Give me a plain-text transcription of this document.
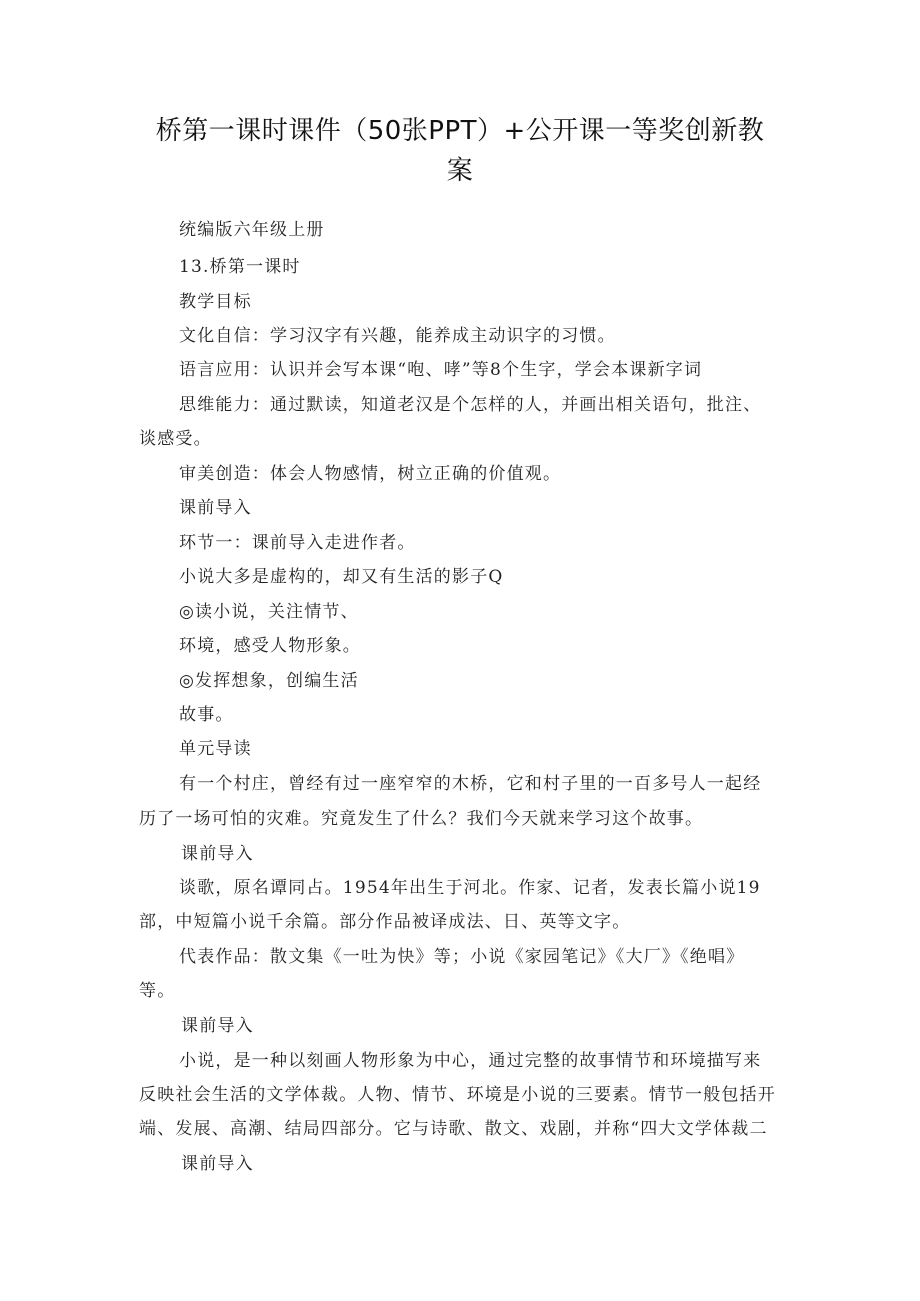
桥第一课时课件（50张PPT）+公开课一等奖创新教
案
统编版六年级上册
13.桥第一课时
教学目标
文化自信：学习汉字有兴趣，能养成主动识字的习惯。
语言应用：认识并会写本课“咆、哮”等8个生字，学会本课新字词
思维能力：通过默读，知道老汉是个怎样的人，并画出相关语句，批注、
谈感受。
审美创造：体会人物感情，树立正确的价值观。
课前导入
环节一：课前导入走进作者。
小说大多是虚构的，却又有生活的影子Q
◎读小说，关注情节、
环境，感受人物形象。
◎发挥想象，创编生活
故事。
单元导读
有一个村庄，曾经有过一座窄窄的木桥，它和村子里的一百多号人一起经
历了一场可怕的灾难。究竟发生了什么？我们今天就来学习这个故事。
课前导入
谈歌，原名谭同占。1954年出生于河北。作家、记者，发表长篇小说19
部，中短篇小说千余篇。部分作品被译成法、日、英等文字。
代表作品：散文集《一吐为快》等；小说《家园笔记》《大厂》《绝唱》
等。
课前导入
小说，是一种以刻画人物形象为中心，通过完整的故事情节和环境描写来
反映社会生活的文学体裁。人物、情节、环境是小说的三要素。情节一般包括开
端、发展、高潮、结局四部分。它与诗歌、散文、戏剧，并称“四大文学体裁二
课前导入
